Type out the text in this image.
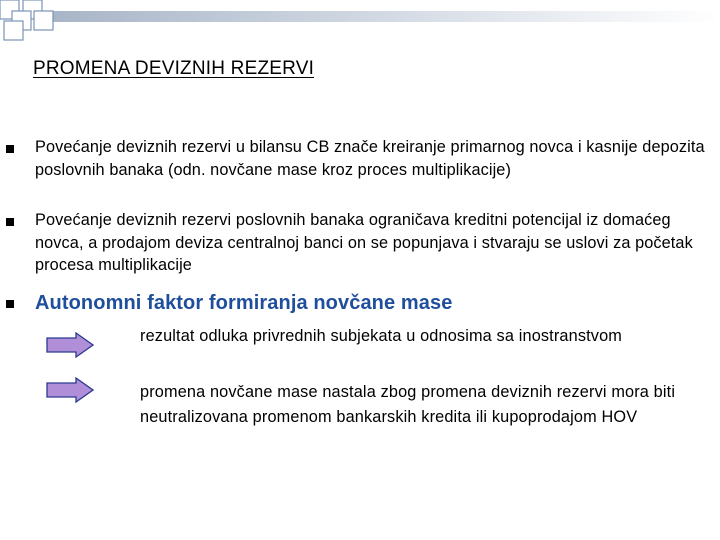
PROMENA DEVIZNIH REZERVI

Povećanje deviznih rezervi u bilansu CB znače kreiranje primarnog novca i kasnije depozita poslovnih banaka (odn. novčane mase kroz proces multiplikacije)

Povećanje deviznih rezervi poslovnih banaka ograničava kreditni potencijal iz domaćeg novca, a prodajom deviza centralnoj banci on se popunjava i stvaraju se uslovi za početak procesa multiplikacije

Autonomni faktor formiranja novčane mase

rezultat odluka privrednih subjekata u odnosima sa inostranstvom

promena novčane mase nastala zbog promena deviznih rezervi mora biti neutralizovana promenom bankarskih kredita ili kupoprodajom HOV
